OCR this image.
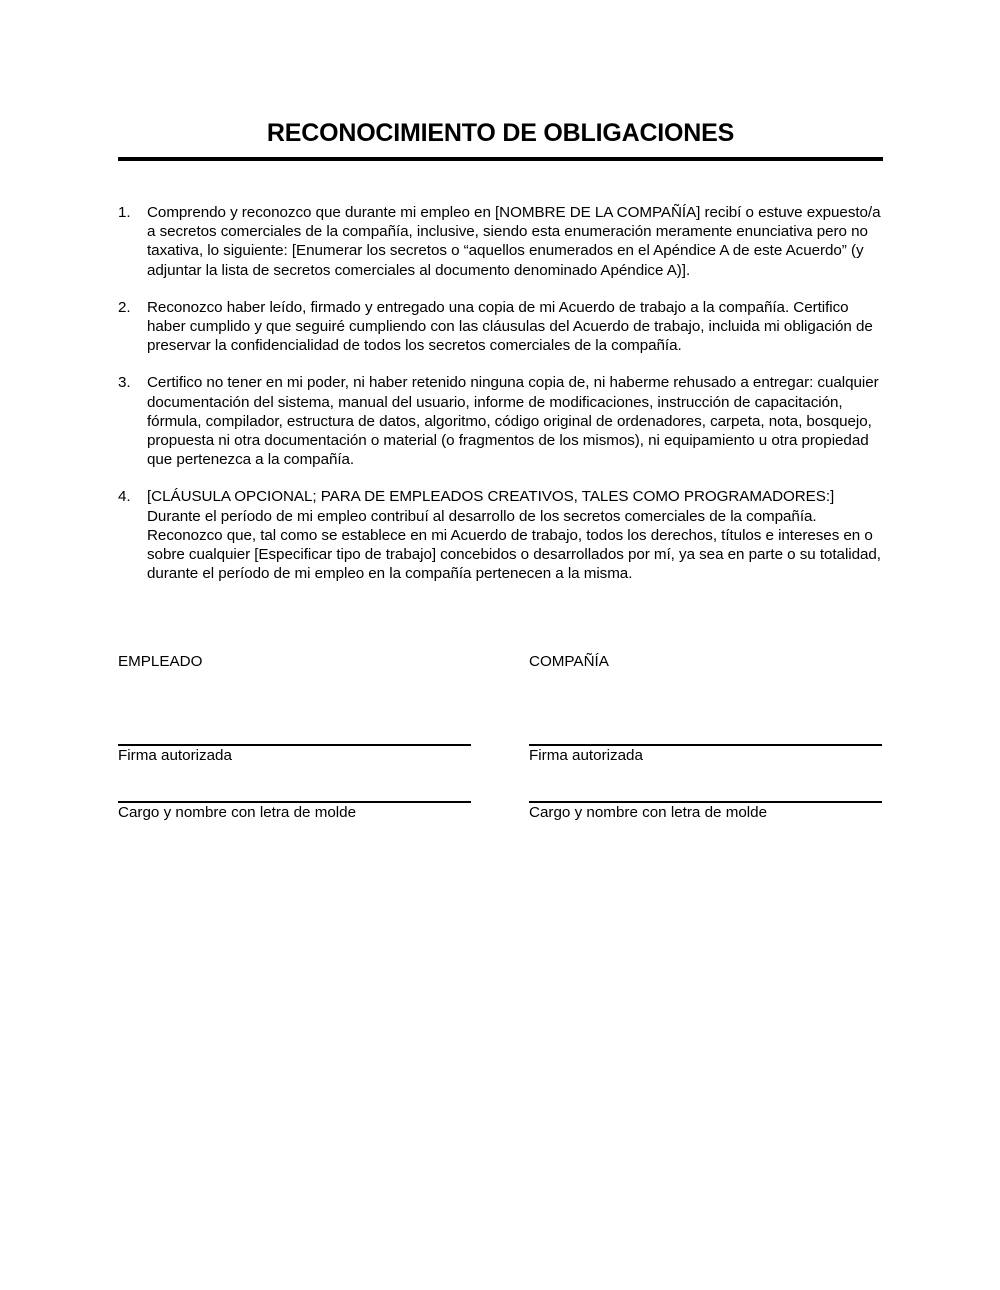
RECONOCIMIENTO DE OBLIGACIONES
1. Comprendo y reconozco que durante mi empleo en [NOMBRE DE LA COMPAÑÍA] recibí o estuve expuesto/a a secretos comerciales de la compañía, inclusive, siendo esta enumeración meramente enunciativa pero no taxativa, lo siguiente: [Enumerar los secretos o “aquellos enumerados en el Apéndice A de este Acuerdo” (y adjuntar la lista de secretos comerciales al documento denominado Apéndice A)].
2. Reconozco haber leído, firmado y entregado una copia de mi Acuerdo de trabajo a la compañía. Certifico haber cumplido y que seguiré cumpliendo con las cláusulas del Acuerdo de trabajo, incluida mi obligación de preservar la confidencialidad de todos los secretos comerciales de la compañía.
3. Certifico no tener en mi poder, ni haber retenido ninguna copia de, ni haberme rehusado a entregar: cualquier documentación del sistema, manual del usuario, informe de modificaciones, instrucción de capacitación, fórmula, compilador, estructura de datos, algoritmo, código original de ordenadores, carpeta, nota, bosquejo, propuesta ni otra documentación o material (o fragmentos de los mismos), ni equipamiento u otra propiedad que pertenezca a la compañía.
4. [CLÁUSULA OPCIONAL; PARA DE EMPLEADOS CREATIVOS, TALES COMO PROGRAMADORES:] Durante el período de mi empleo contribuí al desarrollo de los secretos comerciales de la compañía. Reconozco que, tal como se establece en mi Acuerdo de trabajo, todos los derechos, títulos e intereses en o sobre cualquier [Especificar tipo de trabajo] concebidos o desarrollados por mí, ya sea en parte o su totalidad, durante el período de mi empleo en la compañía pertenecen a la misma.
EMPLEADO
Firma autorizada
Cargo y nombre con letra de molde
COMPAÑÍA
Firma autorizada
Cargo y nombre con letra de molde
